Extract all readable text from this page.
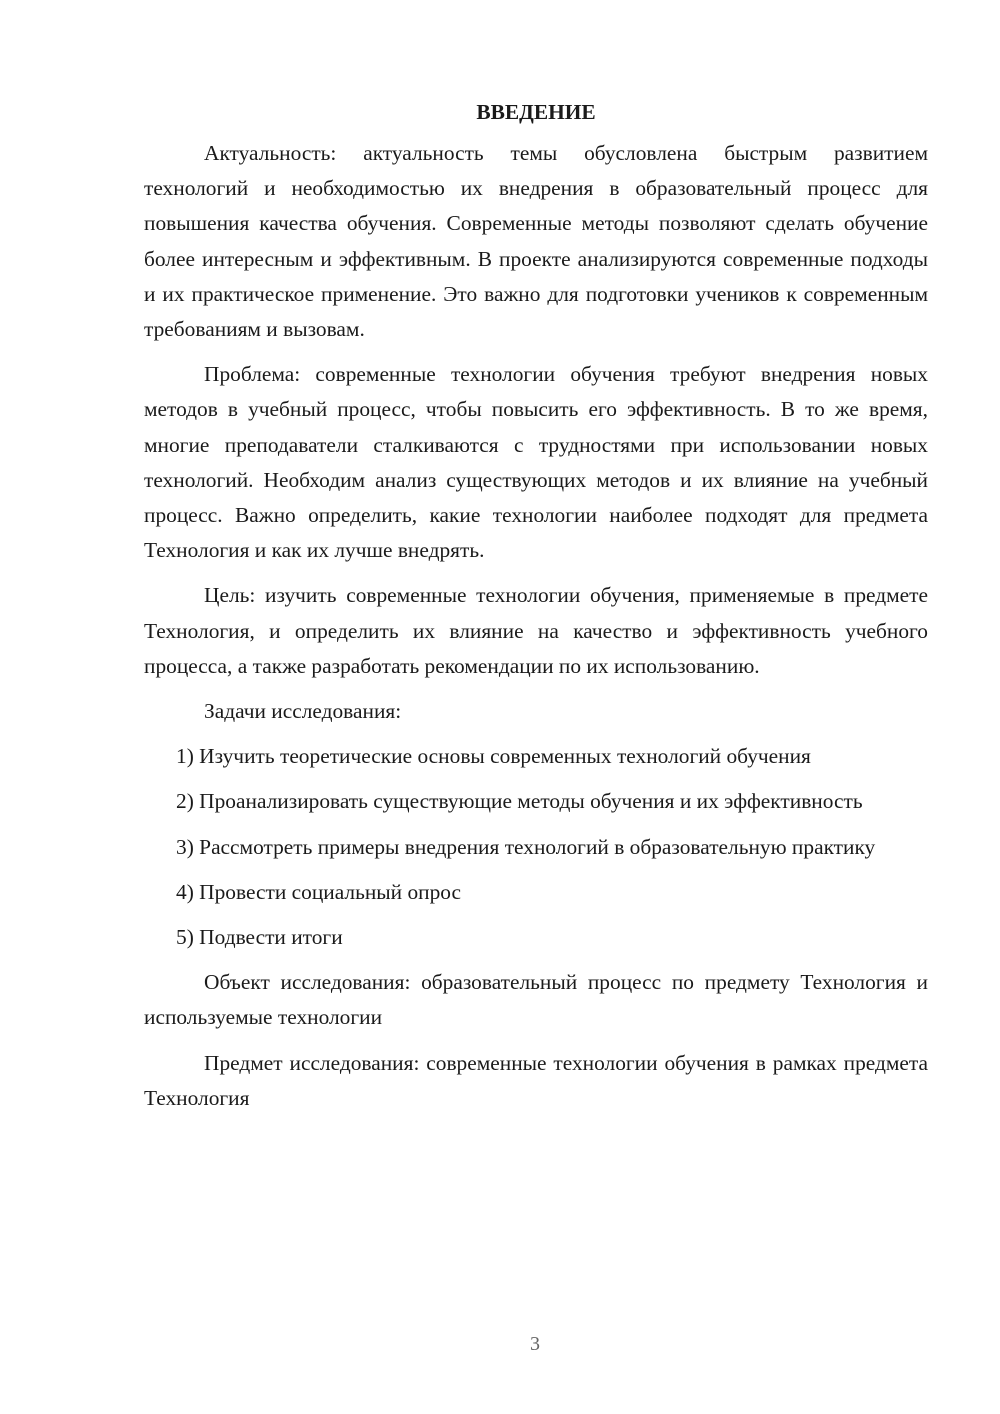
ВВЕДЕНИЕ

Актуальность: актуальность темы обусловлена быстрым развитием технологий и необходимостью их внедрения в образовательный процесс для повышения качества обучения. Современные методы позволяют сделать обучение более интересным и эффективным. В проекте анализируются современные подходы и их практическое применение. Это важно для подготовки учеников к современным требованиям и вызовам.

Проблема: современные технологии обучения требуют внедрения новых методов в учебный процесс, чтобы повысить его эффективность. В то же время, многие преподаватели сталкиваются с трудностями при использовании новых технологий. Необходим анализ существующих методов и их влияние на учебный процесс. Важно определить, какие технологии наиболее подходят для предмета Технология и как их лучше внедрять.

Цель: изучить современные технологии обучения, применяемые в предмете Технология, и определить их влияние на качество и эффективность учебного процесса, а также разработать рекомендации по их использованию.

Задачи исследования:

1) Изучить теоретические основы современных технологий обучения

2) Проанализировать существующие методы обучения и их эффективность

3) Рассмотреть примеры внедрения технологий в образовательную практику

4) Провести социальный опрос

5) Подвести итоги

Объект исследования: образовательный процесс по предмету Технология и используемые технологии

Предмет исследования: современные технологии обучения в рамках предмета Технология

3
